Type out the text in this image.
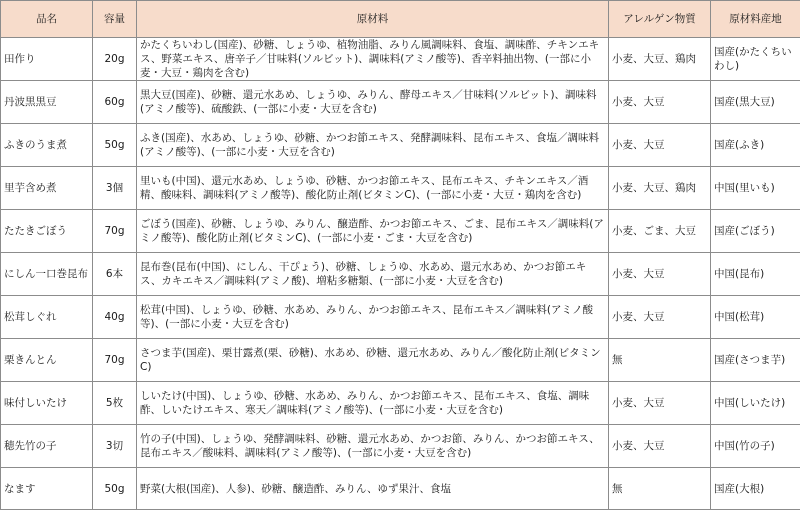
品名	容量	原材料	アレルゲン物質	原材料産地
田作り	20g	かたくちいわし(国産)、砂糖、しょうゆ、植物油脂、みりん風調味料、食塩、調味酢、チキンエキス、野菜エキス、唐辛子／甘味料(ソルビット)、調味料(アミノ酸等)、香辛料抽出物、(一部に小麦・大豆・鶏肉を含む)	小麦、大豆、鶏肉	国産(かたくちいわし)
丹波黒黒豆	60g	黒大豆(国産)、砂糖、還元水あめ、しょうゆ、みりん、酵母エキス／甘味料(ソルビット)、調味料(アミノ酸等)、硫酸鉄、(一部に小麦・大豆を含む)	小麦、大豆	国産(黒大豆)
ふきのうま煮	50g	ふき(国産)、水あめ、しょうゆ、砂糖、かつお節エキス、発酵調味料、昆布エキス、食塩／調味料(アミノ酸等)、(一部に小麦・大豆を含む)	小麦、大豆	国産(ふき)
里芋含め煮	3個	里いも(中国)、還元水あめ、しょうゆ、砂糖、かつお節エキス、昆布エキス、チキンエキス／酒精、酸味料、調味料(アミノ酸等)、酸化防止剤(ビタミンC)、(一部に小麦・大豆・鶏肉を含む)	小麦、大豆、鶏肉	中国(里いも)
たたきごぼう	70g	ごぼう(国産)、砂糖、しょうゆ、みりん、醸造酢、かつお節エキス、ごま、昆布エキス／調味料(アミノ酸等)、酸化防止剤(ビタミンC)、(一部に小麦・ごま・大豆を含む)	小麦、ごま、大豆	国産(ごぼう)
にしん一口巻昆布	6本	昆布巻(昆布(中国)、にしん、干ぴょう)、砂糖、しょうゆ、水あめ、還元水あめ、かつお節エキス、カキエキス／調味料(アミノ酸)、増粘多糖類、(一部に小麦・大豆を含む)	小麦、大豆	中国(昆布)
松茸しぐれ	40g	松茸(中国)、しょうゆ、砂糖、水あめ、みりん、かつお節エキス、昆布エキス／調味料(アミノ酸等)、(一部に小麦・大豆を含む)	小麦、大豆	中国(松茸)
栗きんとん	70g	さつま芋(国産)、栗甘露煮(栗、砂糖)、水あめ、砂糖、還元水あめ、みりん／酸化防止剤(ビタミンC)	無	国産(さつま芋)
味付しいたけ	5枚	しいたけ(中国)、しょうゆ、砂糖、水あめ、みりん、かつお節エキス、昆布エキス、食塩、調味酢、しいたけエキス、寒天／調味料(アミノ酸等)、(一部に小麦・大豆を含む)	小麦、大豆	中国(しいたけ)
穂先竹の子	3切	竹の子(中国)、しょうゆ、発酵調味料、砂糖、還元水あめ、かつお節、みりん、かつお節エキス、昆布エキス／酸味料、調味料(アミノ酸等)、(一部に小麦・大豆を含む)	小麦、大豆	中国(竹の子)
なます	50g	野菜(大根(国産)、人参)、砂糖、醸造酢、みりん、ゆず果汁、食塩	無	国産(大根)
